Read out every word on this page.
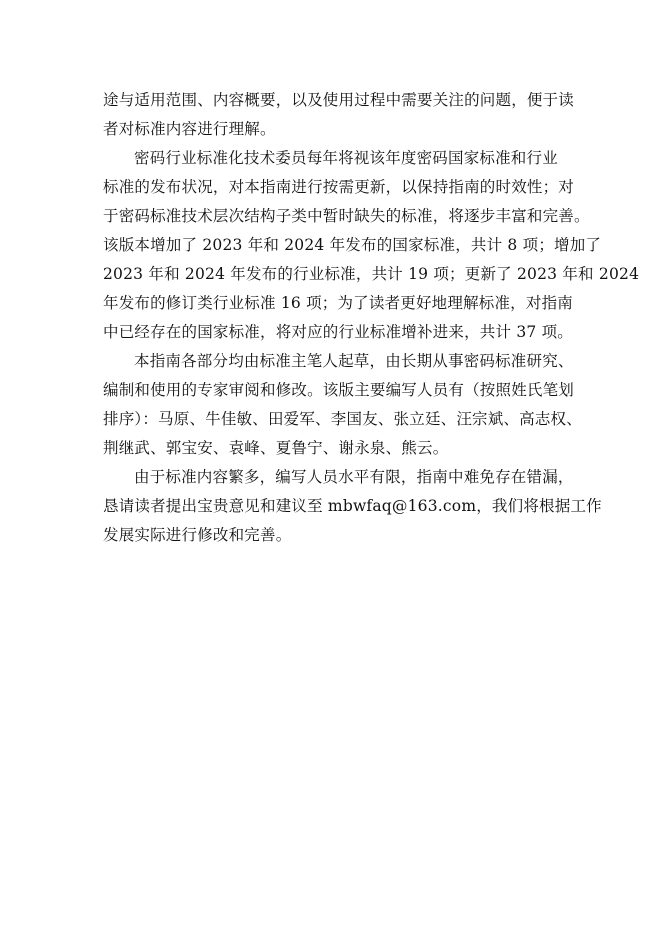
途与适用范围、内容概要，以及使用过程中需要关注的问题，便于读
者对标准内容进行理解。
密码行业标准化技术委员每年将视该年度密码国家标准和行业
标准的发布状况，对本指南进行按需更新，以保持指南的时效性；对
于密码标准技术层次结构子类中暂时缺失的标准，将逐步丰富和完善。
该版本增加了 2023 年和 2024 年发布的国家标准，共计 8 项；增加了
2023 年和 2024 年发布的行业标准，共计 19 项；更新了 2023 年和 2024
年发布的修订类行业标准 16 项；为了读者更好地理解标准，对指南
中已经存在的国家标准，将对应的行业标准增补进来，共计 37 项。
本指南各部分均由标准主笔人起草，由长期从事密码标准研究、
编制和使用的专家审阅和修改。该版主要编写人员有（按照姓氏笔划
排序）：马原、牛佳敏、田爱军、李国友、张立廷、汪宗斌、高志权、
荆继武、郭宝安、袁峰、夏鲁宁、谢永泉、熊云。
由于标准内容繁多，编写人员水平有限，指南中难免存在错漏，
恳请读者提出宝贵意见和建议至 mbwfaq@163.com，我们将根据工作
发展实际进行修改和完善。
